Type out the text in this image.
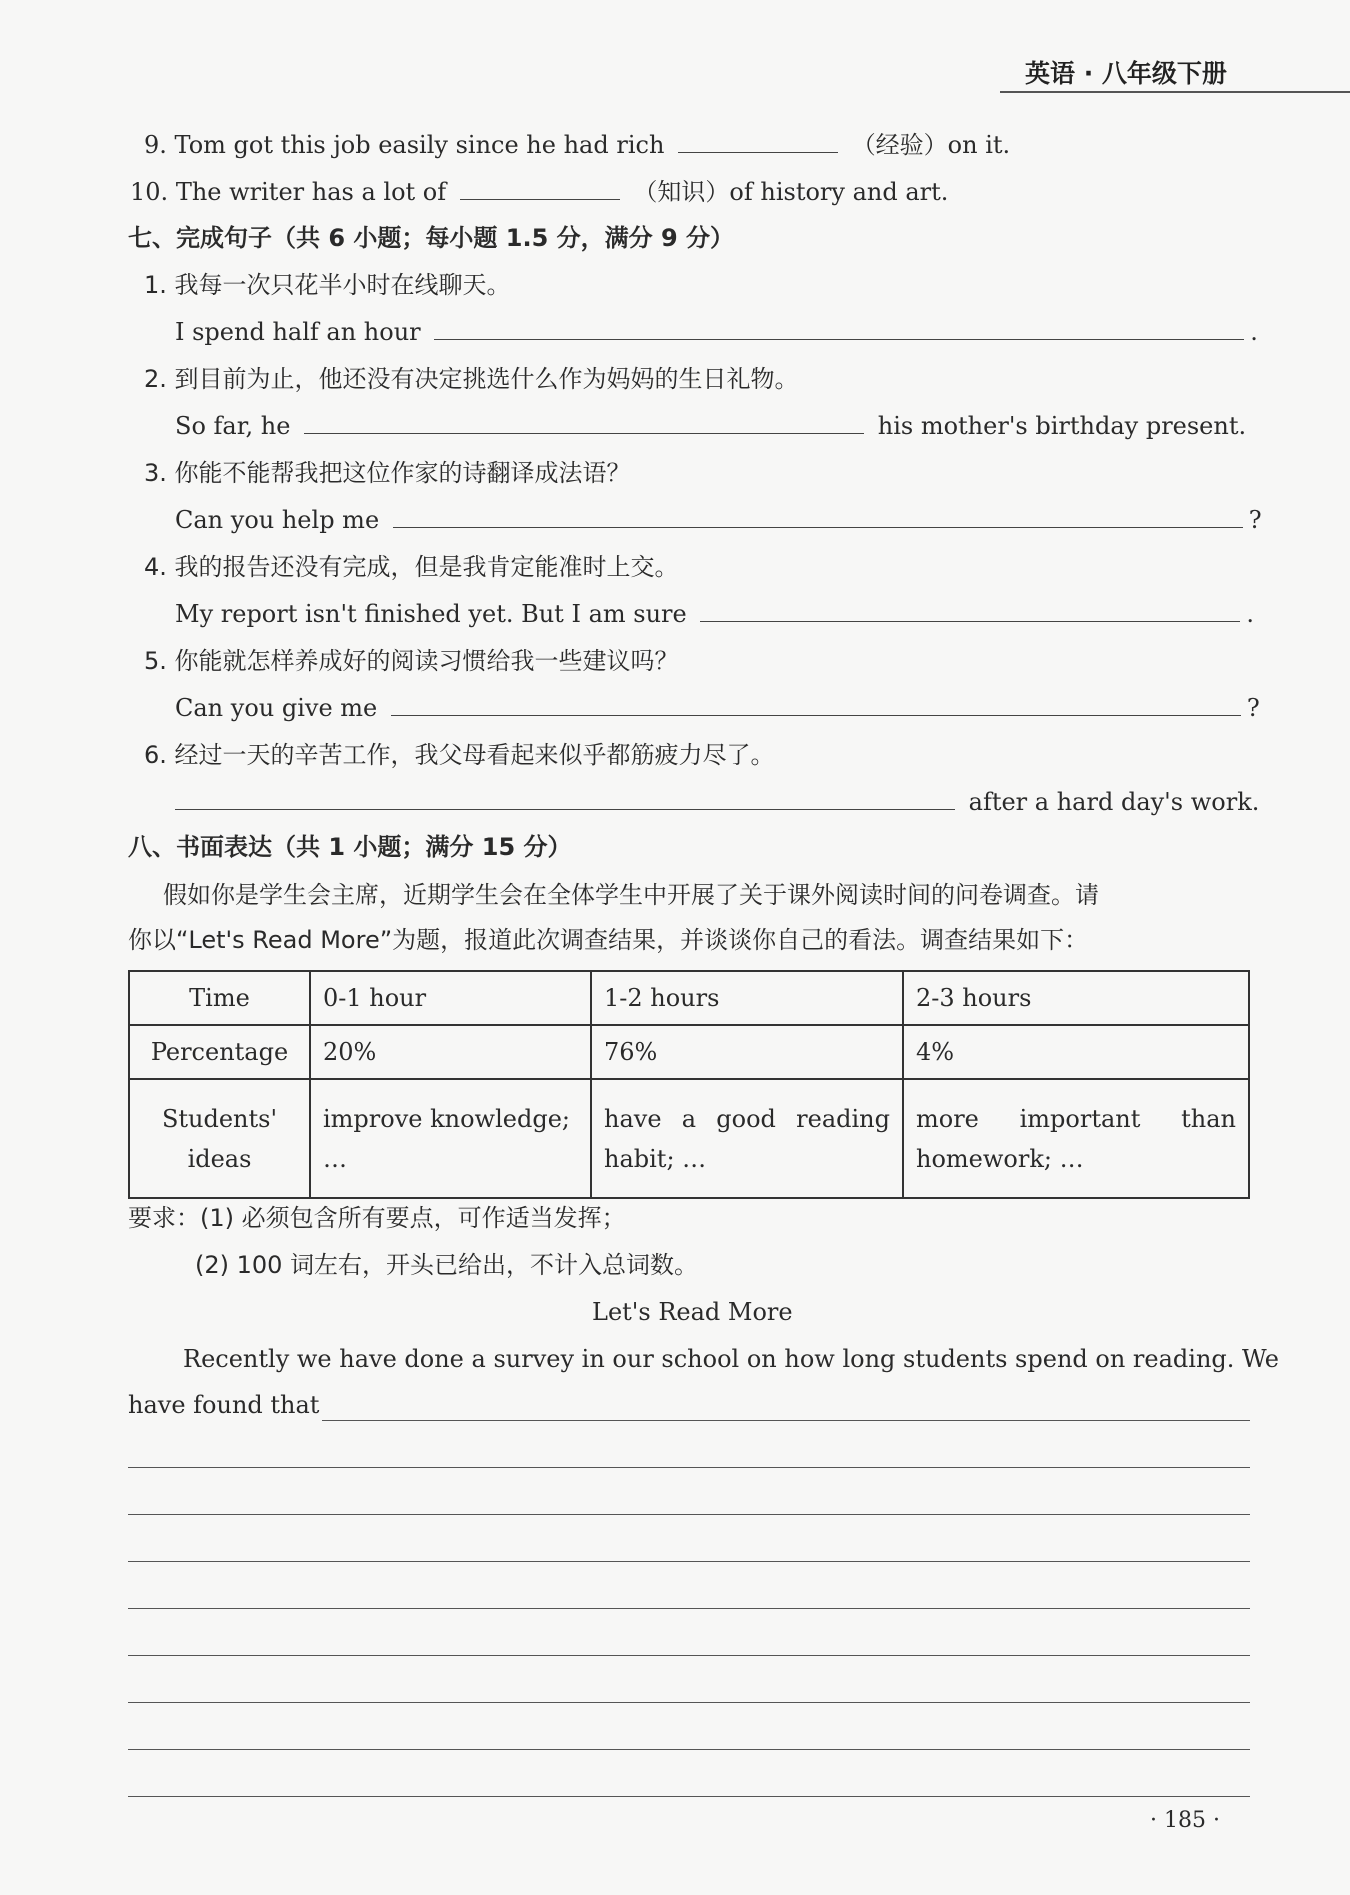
英语 · 八年级下册
9. Tom got this job easily since he had rich	（经验）on it.
10. The writer has a lot of	（知识）of history and art.
七、完成句子（共 6 小题；每小题 1.5 分，满分 9 分）
1. 我每一次只花半小时在线聊天。
I spend half an hour	.
2. 到目前为止，他还没有决定挑选什么作为妈妈的生日礼物。
So far, he	his mother's birthday present.
3. 你能不能帮我把这位作家的诗翻译成法语？
Can you help me	?
4. 我的报告还没有完成，但是我肯定能准时上交。
My report isn't finished yet. But I am sure	.
5. 你能就怎样养成好的阅读习惯给我一些建议吗？
Can you give me	?
6. 经过一天的辛苦工作，我父母看起来似乎都筋疲力尽了。
after a hard day's work.
八、书面表达（共 1 小题；满分 15 分）
假如你是学生会主席，近期学生会在全体学生中开展了关于课外阅读时间的问卷调查。请
你以“Let's Read More”为题，报道此次调查结果，并谈谈你自己的看法。调查结果如下：
Time	0-1 hour	1-2 hours	2-3 hours
Percentage	20%	76%	4%
Students' ideas	improve knowledge; …	have a good reading habit; …	more important than homework; …
要求：(1) 必须包含所有要点，可作适当发挥；
(2) 100 词左右，开头已给出，不计入总词数。
Let's Read More
Recently we have done a survey in our school on how long students spend on reading. We
have found that
· 185 ·
